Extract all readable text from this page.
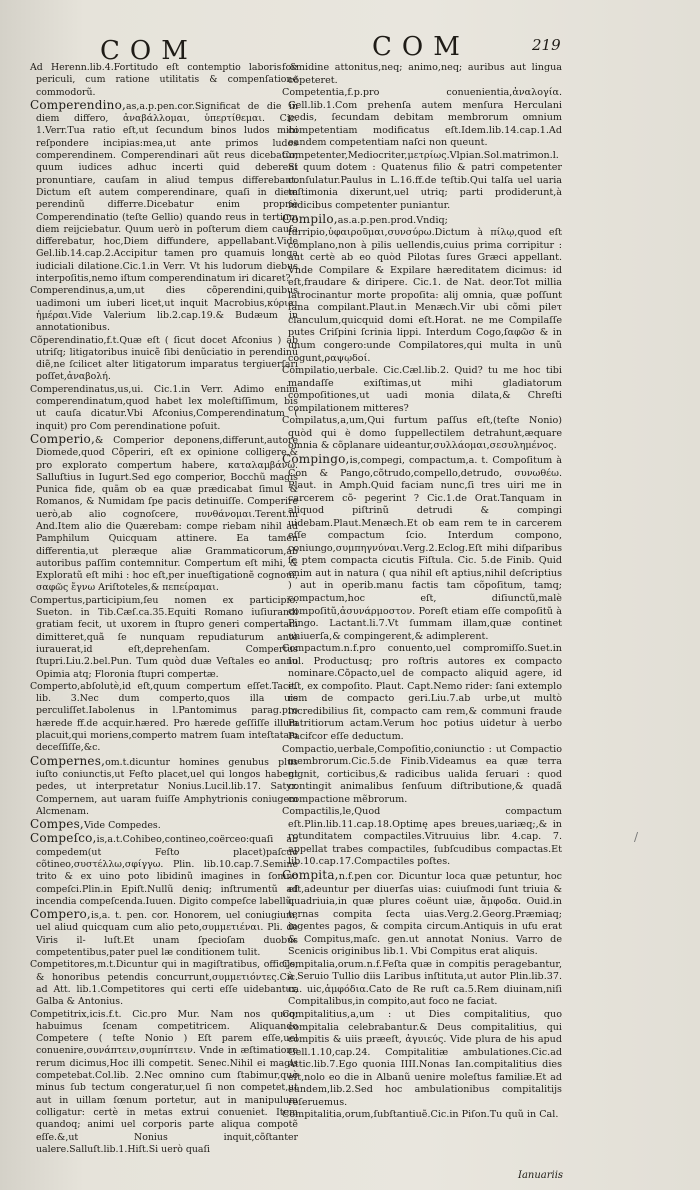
COM	COM	219
Ad Herenn.lib.4.Fortitudo eſt contemptio laboris & periculi, cum ratione utilitatis & compenſatione commodorũ.
Comperendino,as,a.p.pen.cor.Significat de die in diem differo, ἀναβάλλομαι, ὑπερτίθεμαι. Cic. 1.Verr.Tua ratio eſt,ut ſecundum binos ludos mihi reſpondere incipias:mea,ut ante primos ludos comperendinem. Comperendinari aũt reus dicebatur, quum iudices adhuc incerti quid deberent pronuntiare, cauſam in aliud tempus differebant. Dictum eſt autem comperendinare, quaſi in diem perendinũ differre.Dicebatur enim propriè Comperendinatio (teſte Gellio) quando reus in tertium diem reijciebatur. Quum uerò in poſterum diem cauſa differebatur, hoc,Diem diffundere, appellabant.Vide Gel.lib.14.cap.2.Accipitur tamen pro quamuis longa iudiciali dilatione.Cic.1.in Verr. Vt his ludorum diebus interpoſitis,nemo iſtum comperendinatum iri dicaret?
Comperendinus,a,um,ut dies cõperendini,quibus uadimoni um iuberi licet,ut inquit Macrobius,κύριαι ἡμέραι.Vide Valerium lib.2.cap.19.& Budæum in annotationibus.
Cõperendinatio,f.t.Quæ eſt ( ſicut docet Afconius ) ab utriſq; litigatoribus inuicẽ ſibi denũciatio in perendinũ diẽ,ne ſcilicet alter litigatorum imparatus tergiuerſari poſſet,ἀναβολή.
Comperendinatus,us,ui. Cic.1.in Verr. Adimo enim comperendinatum,quod habet lex moleſtiſſimum, bis ut cauſa dicatur.Vbi Afconius,Comperendinatum ( inquit) pro Com perendinatione poſuit.
Comperio,& Comperior deponens,differunt,autore Diomede,quod Cõperiri, eſt ex opinione colligere,& pro explorato compertum habere, καταλαμβάνω. Salluſtius in Iugurt.Sed ego comperior, Bocchũ magis Punica fide, quãm ob ea quæ prædicabat ſimul & Romanos, & Numidam ſpe pacis detinuiſſe. Comperire uerò,ab alio cognoſcere, πυνθάνομαι.Terent.in And.Item alio die Quærebam: compe riebam nihil ad Pamphilum Quicquam attinere. Ea tamen differentia,ut pleræque aliæ Grammaticorum,ab autoribus paſſim contemnitur. Compertum eſt mihi, & Exploratũ eſt mihi : hoc eſt,per inueſtigationẽ cognoui, σαφῶς ἔγνω Ariſtoteles,& πεπείραμαι.
Compertus,participium,ſeu nomen ex participio. Sueton. in Tib.Cæſ.ca.35.Equiti Romano iuſiurandi gratiam fecit, ut uxorem in ſtupro generi compertam dimitteret,quã ſe nunquam repudiaturum antè iurauerat,id eſt,deprehenſam. Compertus ſtupri.Liu.2.bel.Pun. Tum quòd duæ Veſtales eo anno Opimia atq; Floronia ſtupri compertæ.
Comperto,abſolutè,id eſt,quum compertum eſſet.Tacit. lib. 3.Nec dum comperto,quos illa uis perculiſſet.Iabolenus in l.Pantomimus parag.pro hærede ff.de acquir.hæred. Pro hærede geſſiſſe illum placuit,qui moriens,comperto matrem ſuam inteſtatam deceſſiſſe,&c.
Compernes,om.t.dicuntur homines genubus plus iuſto coniunctis,ut Feſto placet,uel qui longos habent pedes, ut interpretatur Nonius.Lucil.lib.17. Satyr. Compernem, aut uaram fuiſſe Amphytrionis coniugem Alcmenam.
Compes,Vide Compedes.
Compeſco,is,a.t.Cohibeo,contineo,coërceo:quaſi ab compedem(ut Feſto placet)paſcuo cõtineo,συστέλλω,σφίγγω. Plin. lib.10.cap.7.Semine trito & ex uino poto libidinũ imagines in ſomno compeſci.Plin.in Epiſt.Nullũ deniq; inſtrumentũ ad incendia compeſcenda.Iuuen. Digito compeſce labellũ.
Compero,is,a. t. pen. cor. Honorem, uel coniugium, uel aliud quicquam cum alio peto,συμμετιέναι. Pli. de Viris il- luſt.Et unam ſpecioſam duobus competentibus,pater puel læ conditionem tulit.
Competitores,m.t.Dicuntur qui in magiſtratibus, officijs, & honoribus petendis concurrunt,συμμετιόντες.Cic. ad Att. lib.1.Competitores qui certi eſſe uidebantur, Galba & Antonius.
Competitrix,icis.f.t. Cic.pro Mur. Nam nos quoq; habuimus ſcenam competitricem. Aliquando Competere ( teſte Nonio ) Eſt parem eſſe,uel conuenire,συνάπτειν,συμπίπτειν. Vnde in æſtimatione rerum dicimus,Hoc illi competit. Senec.Nihil ei magis competebat.Col.lib. 2.Nec omnino cum ſtabimur,quò minus ſub tectum congeratur,uel ſi non competet,ut aut in uillam ſœnum portetur, aut in manipulum colligatur: certè in metas extrui conueniet. Item quandoq; animi uel corporis parte aliqua compotẽ eſſe.&,ut Nonius inquit,cõſtanter ualere.Salluſt.lib.1.Hiſt.Si uerò quaſi
formidine attonitus,neq; animo,neq; auribus aut lingua cõpeteret.
Competentia,f.p.pro conuenientia,ἀναλογία. Gell.lib.1.Com prehenſa autem menſura Herculani pedis, ſecundam debitam membrorum omnium competentiam modificatus eſt.Idem.lib.14.cap.1.Ad eandem competentiam naſci non queunt.
Competenter,Mediocriter,μετρίως.Vlpian.Sol.matrimon.l. Si quum dotem : Quatenus filio & patri competenter conſulatur.Paulus in L.16.ff.de teſtib.Qui talſa uel uaria teſtimonia dixerunt,uel utriq; parti prodiderunt,à iudicibus competenter puniantur.
Compilo,as.a.p.pen.prod.Vndiq; ſurripio,ὑφαιροῦμαι,συνσύρω.Dictum à πίλῳ,quod eſt complano,non à pilis uellendis,cuius prima corripitur : aut certè ab eo quòd Pilotas ſures Græci appellant. Vnde Compilare & Expilare hæreditatem dicimus: id eſt,fraudare & diripere. Cic.1. de Nat. deor.Tot millia latrocinantur morte propoſita: alij omnia, quæ poſſunt fana compilant.Plaut.in Menæch.Vir ubi cõmi pileτ clanculum,quicquid domi eſt.Horat. ne me Compilaſſe putes Criſpini ſcrinia lippi. Interdum Cogo,ſαφῶσ & in unum congero:unde Compilatores,qui multa in unũ cogunt,ραψῳδοί.
Compilatio,uerbale. Cic.Cæl.lib.2. Quid? tu me hoc tibi mandaſſe exiſtimas,ut mihi gladiatorum compoſitiones,ut uadi monia dilata,& Chreſti compilationem mitteres?
Compilatus,a,um,Qui furtum paſſus eſt,(teſte Nonio) quòd qui è domo ſuppellectilem detrahunt,æquare omnia & cõplanare uideantur,συλλάομαι,σεσυλημένος.
Compingo,is,compegi, compactum,a. t. Compoſitum à Con & Pango,cõtrudo,compello,detrudo, συνωθέω. Plaut. in Amph.Quid faciam nunc,ſi tres uiri me in carcerem cõ- pegerint ? Cic.1.de Orat.Tanquam in aliquod piſtrinũ detrudi & compingi uidebam.Plaut.Menæch.Et ob eam rem te in carcerem eſſe compactum ſcio. Interdum compono, coniungo,συμπηγνύναι.Verg.2.Eclog.Eſt mihi diſparibus ſe ptem compacta cicutis Fiſtula. Cic. 5.de Finib. Quid enim aut in natura ( qua nihil eſt aptius,nihil deſcriptius ) aut in operib.manu factis tam cõpoſitum, tamq; compactum,hoc eſt, diſiunctũ,malè compoſitũ,ἀσυνάρμοστον. Poreſt etiam eſſe compoſitũ à Pingo. Lactant.li.7.Vt ſummam illam,quæ continet uniuerſa,& compingerent,& adimplerent.
Compactum.n.f.pro conuento,uel compromiſſo.Suet.in Iul. Productusq; pro roſtris autores ex compacto nominare.Cõpacto,uel de compacto aliquid agere, id eſt, ex compoſito. Plaut. Capt.Nemo rider: ſani extemplo rem de compacto geri.Liu.7.ab urbe,ut multò incredibilius ſit, compacto cam rem,& communi fraude Patritiorum actam.Verum hoc potius uidetur à uerbo Pacifcor eſſe deductum.
Compactio,uerbale,Compoſitio,coniunctio : ut Compactio membrorum.Cic.5.de Finib.Videamus ea quæ terra gignit, corticibus,& radicibus ualida ſeruari : quod contingit animalibus ſenſuum diſtributione,& quadã compactione mẽbrorum.
Compactilis,le,Quod compactum eſt.Plin.lib.11.cap.18.Optimę apes breues,uariæq;,& in rotunditatem compactiles.Vitruuius libr. 4.cap. 7. appellat trabes compactiles, ſubſcudibus compactas.Et lib.10.cap.17.Compactiles poſtes.
Compita,n.f.pen cor. Dicuntur loca quæ petuntur, hoc eſt,adeuntur per diuerſas uias: cuiuſmodi ſunt triuia & quadriuia,in quæ plures coëunt uiæ, ἄμφοδα. Ouid.in ternas compita ſecta uias.Verg.2.Georg.Præmiaq; ingentes pagos, & compita circum.Antiquis in ufu erat & Compitus,maſc. gen.ut annotat Nonius. Varro de Scenicis originibus lib.1. Vbi Compitus erat aliquis.
Compitalia,orum.n.f.Feſta quæ in compitis peragebantur, à Seruio Tullio diis Laribus inſtituta,ut autor Plin.lib.37. ca. uic,ἀμφόδια.Cato de Re ruſt ca.5.Rem diuinam,niſi Compitalibus,in compito,aut foco ne faciat.
Compitalitius,a,um : ut Dies compitalitius, quo compitalia celebrabantur.& Deus compitalitius, qui compitis & uiis præeſt, ἀγυιεύς. Vide plura de his apud Gell.1.10,cap.24. Compitalitiæ ambulationes.Cic.ad Attic.lib.7.Ego quonia IIII.Nonas Ian.compitalitius dies eſt,nolo eo die in Albanũ uenire moleſtus familiæ.Et ad eundem,lib.2.Sed hoc ambulationibus compitalitijs reſeruemus.
Compitalitia,orum,ſubſtantiuẽ.Cic.in Piſon.Tu quũ in Cal.
/
Ianuariis
